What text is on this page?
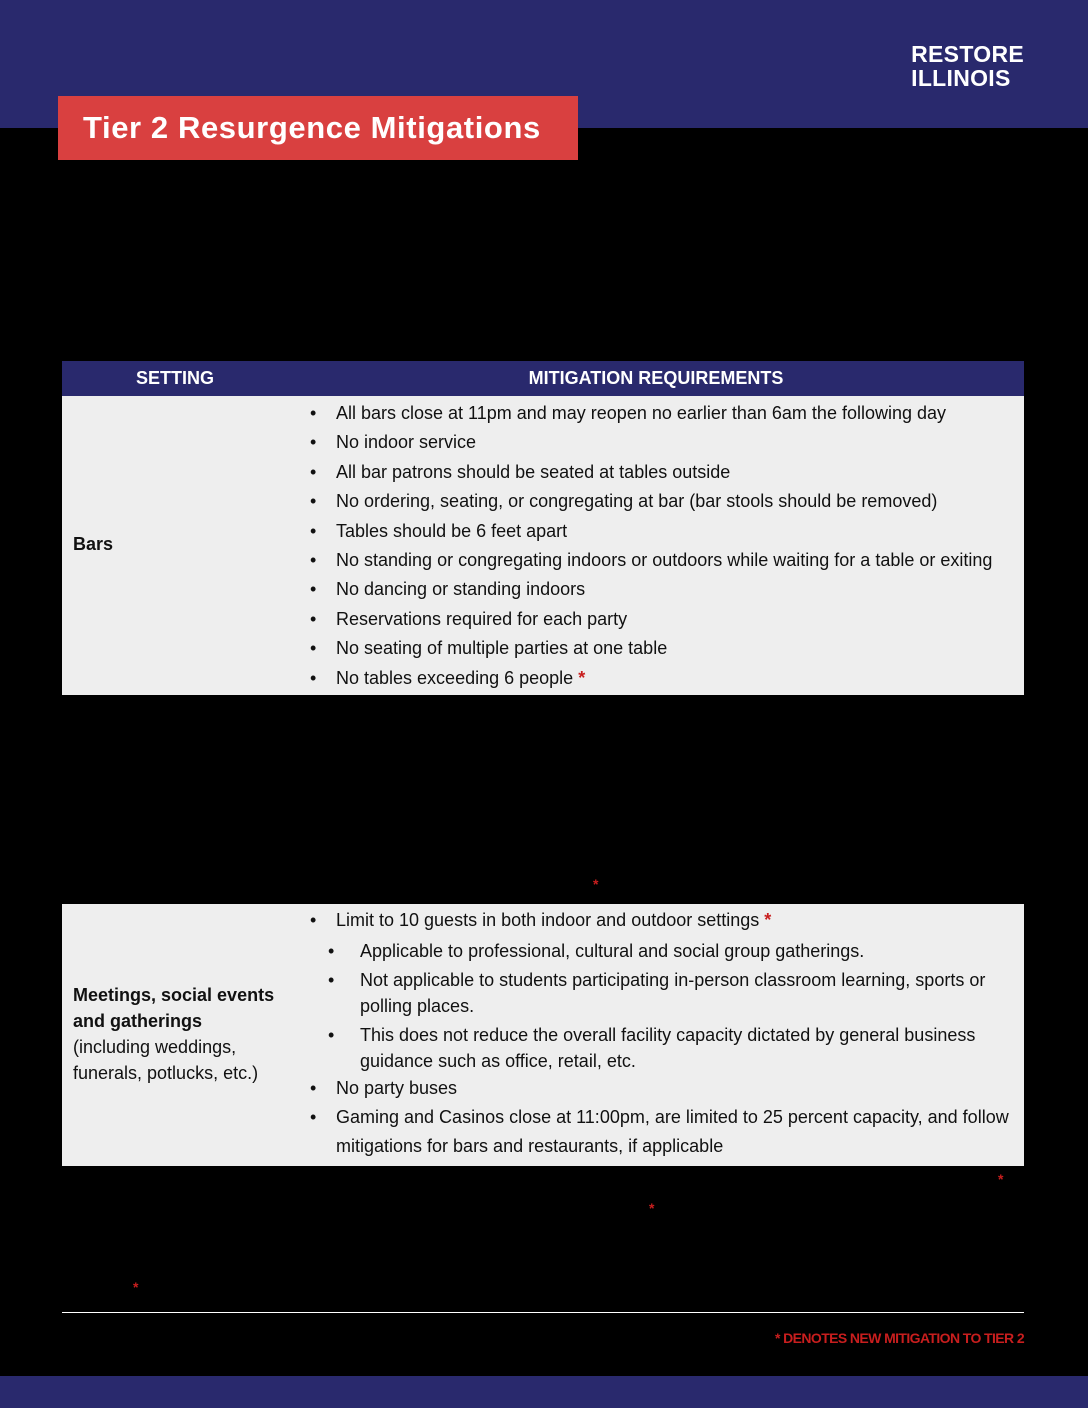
RESTORE
ILLINOIS
Tier 2 Resurgence Mitigations
SETTING	MITIGATION REQUIREMENTS
Bars
• All bars close at 11pm and may reopen no earlier than 6am the following day
• No indoor service
• All bar patrons should be seated at tables outside
• No ordering, seating, or congregating at bar (bar stools should be removed)
• Tables should be 6 feet apart
• No standing or congregating indoors or outdoors while waiting for a table or exiting
• No dancing or standing indoors
• Reservations required for each party
• No seating of multiple parties at one table
• No tables exceeding 6 people *
*
Meetings, social events and gatherings
(including weddings, funerals, potlucks, etc.)
• Limit to 10 guests in both indoor and outdoor settings *
• Applicable to professional, cultural and social group gatherings.
• Not applicable to students participating in-person classroom learning, sports or polling places.
• This does not reduce the overall facility capacity dictated by general business guidance such as office, retail, etc.
• No party buses
• Gaming and Casinos close at 11:00pm, are limited to 25 percent capacity, and follow mitigations for bars and restaurants, if applicable
*
*
*
* DENOTES NEW MITIGATION TO TIER 2
